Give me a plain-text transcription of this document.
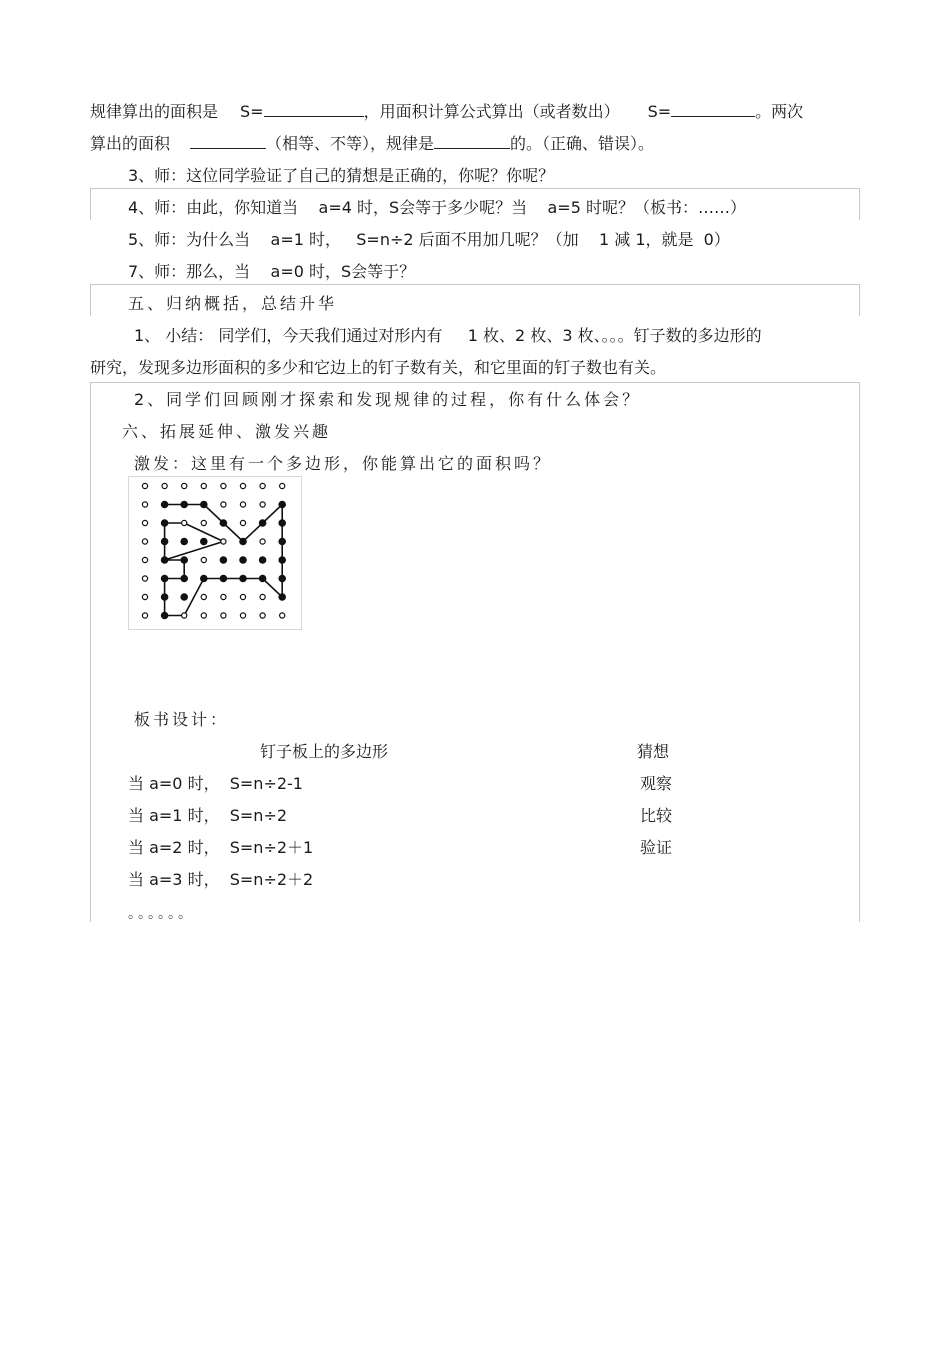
规律算出的面积是 S=	，用面积计算公式算出（或者数出） S=	。两次
算出的面积	（相等、不等），规律是	的。（正确、错误）。
3、师：这位同学验证了自己的猜想是正确的，你呢？你呢？
4、师：由此，你知道当    a=4 时，S会等于多少呢？当    a=5 时呢？（板书：……）
5、师：为什么当    a=1 时，   S=n÷2 后面不用加几呢？（加    1 减 1，就是  0）
7、师：那么，当    a=0 时，S会等于？
五、归纳概括，总结升华
1、 小结： 同学们，今天我们通过对形内有     1 枚、2 枚、3 枚、。。。钉子数的多边形的
研究，发现多边形面积的多少和它边上的钉子数有关，和它里面的钉子数也有关。
2、同学们回顾刚才探索和发现规律的过程，你有什么体会？
六、拓展延伸、激发兴趣
激发：这里有一个多边形，你能算出它的面积吗？
板书设计：
钉子板上的多边形	猜想
当 a=0 时，  S=n÷2-1	观察
当 a=1 时，  S=n÷2	比较
当 a=2 时，  S=n÷2＋1	验证
当 a=3 时，  S=n÷2＋2
。。。。。。
